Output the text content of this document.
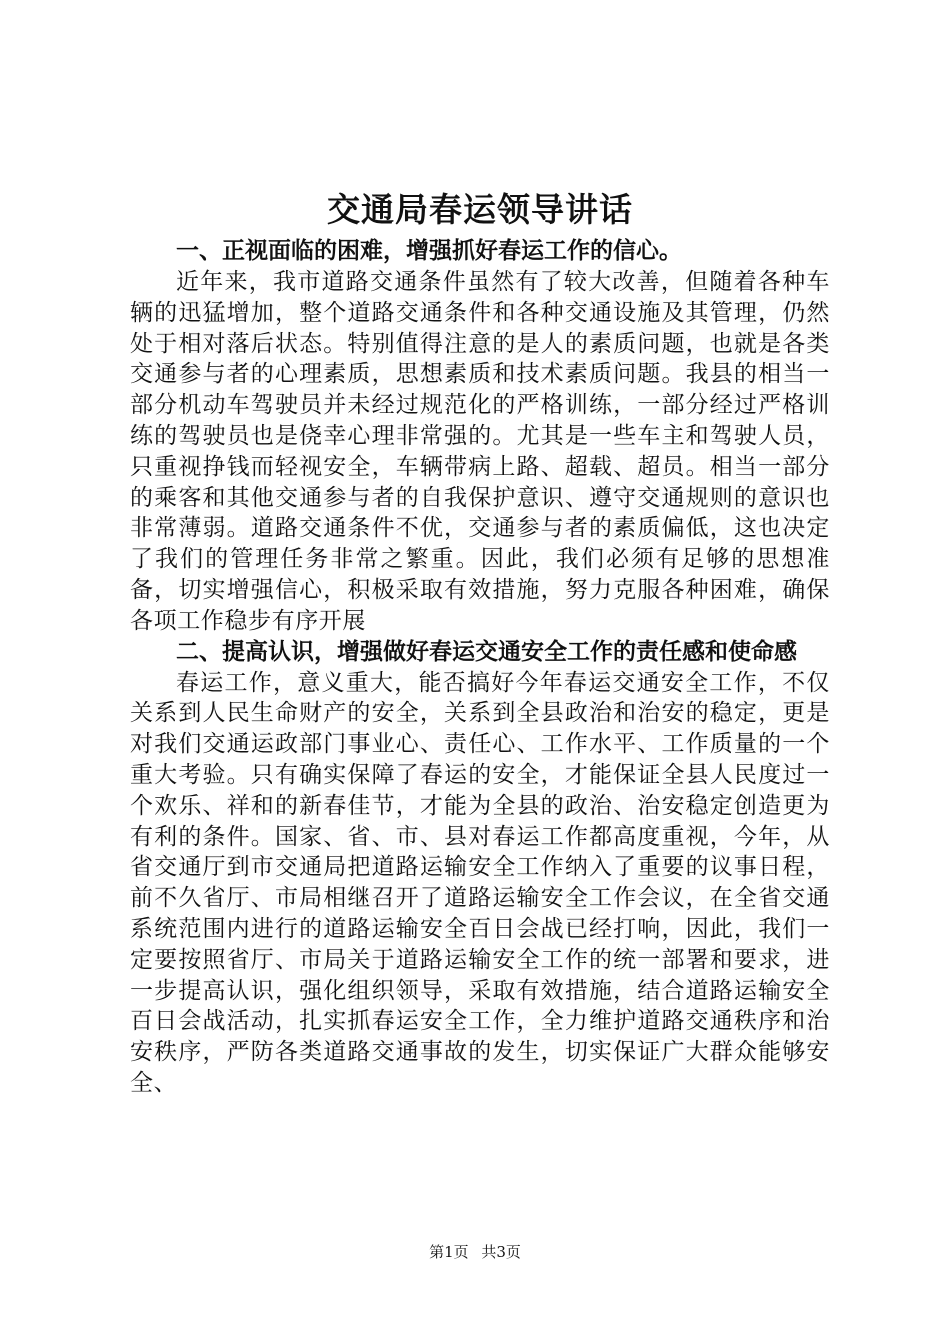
交通局春运领导讲话

一、正视面临的困难，增强抓好春运工作的信心。

近年来，我市道路交通条件虽然有了较大改善，但随着各种车辆的迅猛增加，整个道路交通条件和各种交通设施及其管理，仍然处于相对落后状态。特别值得注意的是人的素质问题，也就是各类交通参与者的心理素质，思想素质和技术素质问题。我县的相当一部分机动车驾驶员并未经过规范化的严格训练，一部分经过严格训练的驾驶员也是侥幸心理非常强的。尤其是一些车主和驾驶人员，只重视挣钱而轻视安全，车辆带病上路、超载、超员。相当一部分的乘客和其他交通参与者的自我保护意识、遵守交通规则的意识也非常薄弱。道路交通条件不优，交通参与者的素质偏低，这也决定了我们的管理任务非常之繁重。因此，我们必须有足够的思想准备，切实增强信心，积极采取有效措施，努力克服各种困难，确保各项工作稳步有序开展

二、提高认识，增强做好春运交通安全工作的责任感和使命感

春运工作，意义重大，能否搞好今年春运交通安全工作，不仅关系到人民生命财产的安全，关系到全县政治和治安的稳定，更是对我们交通运政部门事业心、责任心、工作水平、工作质量的一个重大考验。只有确实保障了春运的安全，才能保证全县人民度过一个欢乐、祥和的新春佳节，才能为全县的政治、治安稳定创造更为有利的条件。国家、省、市、县对春运工作都高度重视，今年，从省交通厅到市交通局把道路运输安全工作纳入了重要的议事日程，前不久省厅、市局相继召开了道路运输安全工作会议，在全省交通系统范围内进行的道路运输安全百日会战已经打响，因此，我们一定要按照省厅、市局关于道路运输安全工作的统一部署和要求，进一步提高认识，强化组织领导，采取有效措施，结合道路运输安全百日会战活动，扎实抓春运安全工作，全力维护道路交通秩序和治安秩序，严防各类道路交通事故的发生，切实保证广大群众能够安全、

第1页 共3页
